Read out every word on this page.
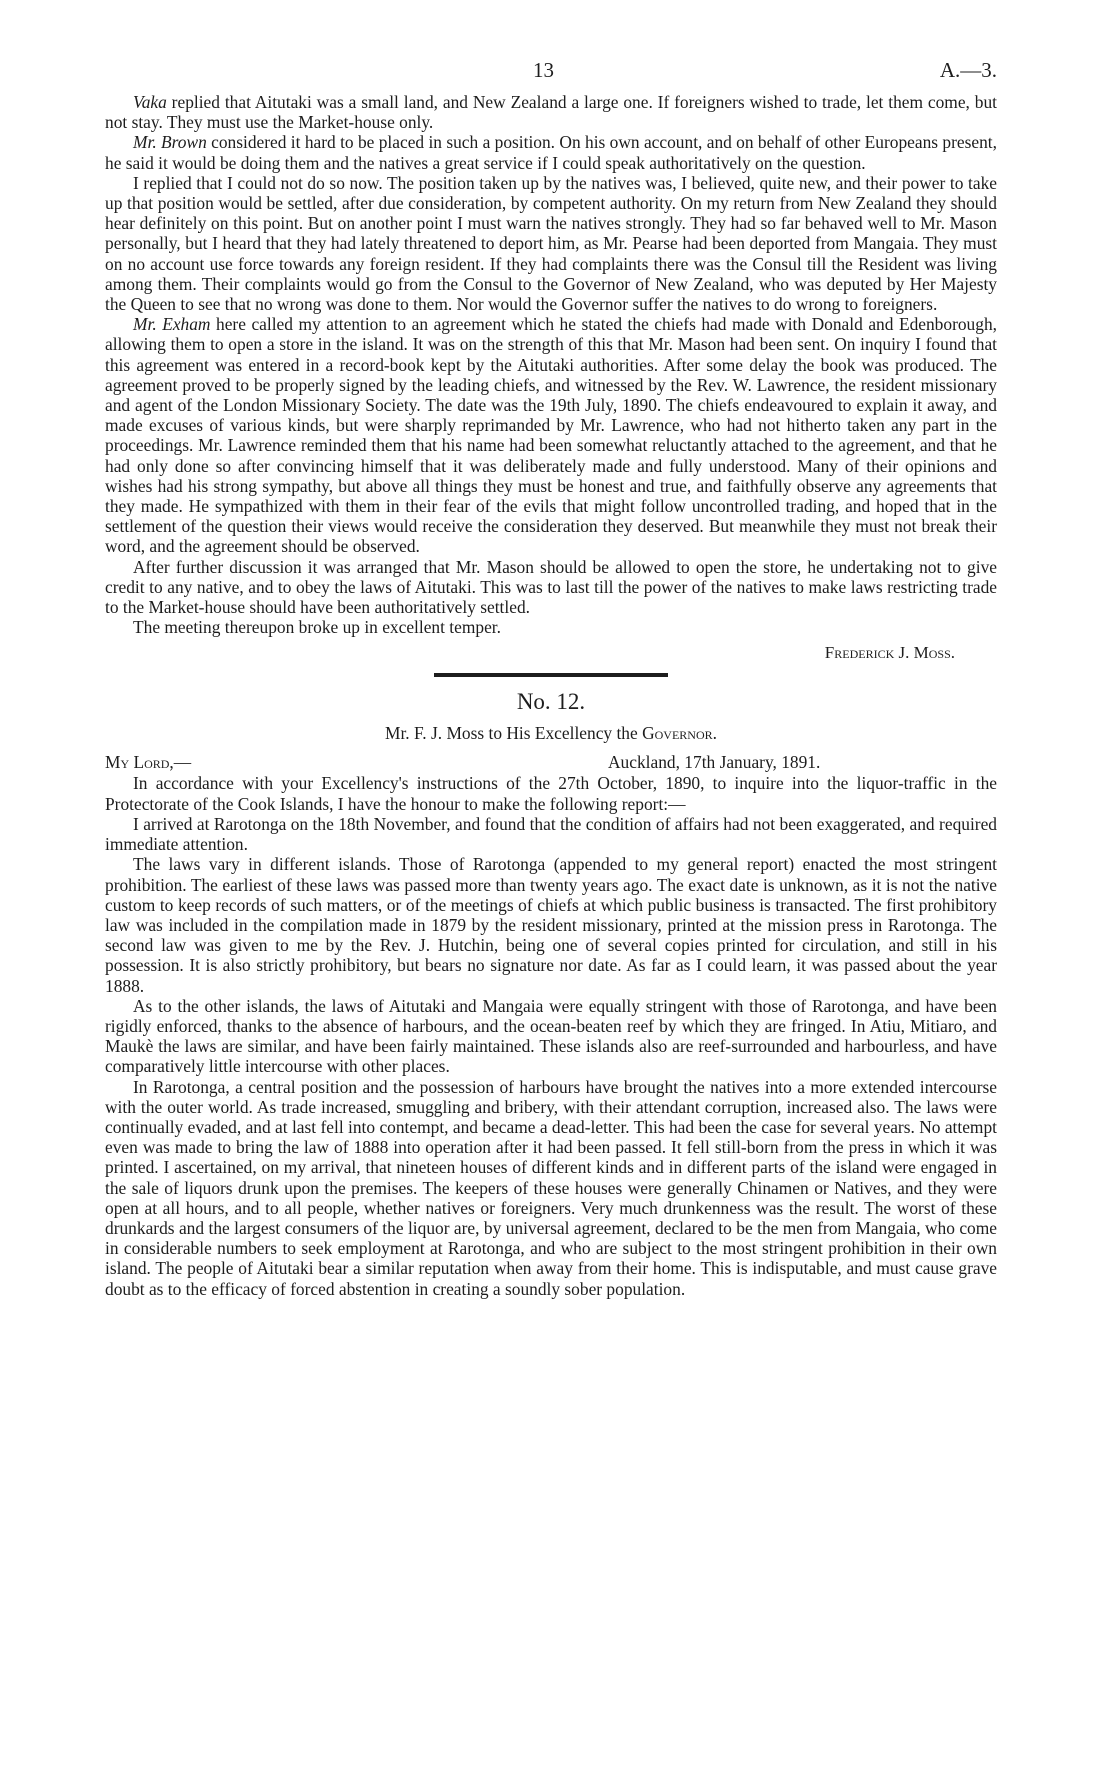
13	A.—3.

Vaka replied that Aitutaki was a small land, and New Zealand a large one. If foreigners wished to trade, let them come, but not stay. They must use the Market-house only.

Mr. Brown considered it hard to be placed in such a position. On his own account, and on behalf of other Europeans present, he said it would be doing them and the natives a great service if I could speak authoritatively on the question.

I replied that I could not do so now. The position taken up by the natives was, I believed, quite new, and their power to take up that position would be settled, after due consideration, by competent authority. On my return from New Zealand they should hear definitely on this point. But on another point I must warn the natives strongly. They had so far behaved well to Mr. Mason personally, but I heard that they had lately threatened to deport him, as Mr. Pearse had been deported from Mangaia. They must on no account use force towards any foreign resident. If they had complaints there was the Consul till the Resident was living among them. Their complaints would go from the Consul to the Governor of New Zealand, who was deputed by Her Majesty the Queen to see that no wrong was done to them. Nor would the Governor suffer the natives to do wrong to foreigners.

Mr. Exham here called my attention to an agreement which he stated the chiefs had made with Donald and Edenborough, allowing them to open a store in the island. It was on the strength of this that Mr. Mason had been sent. On inquiry I found that this agreement was entered in a record-book kept by the Aitutaki authorities. After some delay the book was produced. The agreement proved to be properly signed by the leading chiefs, and witnessed by the Rev. W. Lawrence, the resident missionary and agent of the London Missionary Society. The date was the 19th July, 1890. The chiefs endeavoured to explain it away, and made excuses of various kinds, but were sharply reprimanded by Mr. Lawrence, who had not hitherto taken any part in the proceedings. Mr. Lawrence reminded them that his name had been somewhat reluctantly attached to the agreement, and that he had only done so after convincing himself that it was deliberately made and fully understood. Many of their opinions and wishes had his strong sympathy, but above all things they must be honest and true, and faithfully observe any agreements that they made. He sympathized with them in their fear of the evils that might follow uncontrolled trading, and hoped that in the settlement of the question their views would receive the consideration they deserved. But meanwhile they must not break their word, and the agreement should be observed.

After further discussion it was arranged that Mr. Mason should be allowed to open the store, he undertaking not to give credit to any native, and to obey the laws of Aitutaki. This was to last till the power of the natives to make laws restricting trade to the Market-house should have been authoritatively settled.

The meeting thereupon broke up in excellent temper.

Frederick J. Moss.
No. 12.
Mr. F. J. Moss to His Excellency the Governor.
My Lord,—	Auckland, 17th January, 1891.

In accordance with your Excellency's instructions of the 27th October, 1890, to inquire into the liquor-traffic in the Protectorate of the Cook Islands, I have the honour to make the following report:—

I arrived at Rarotonga on the 18th November, and found that the condition of affairs had not been exaggerated, and required immediate attention.

The laws vary in different islands. Those of Rarotonga (appended to my general report) enacted the most stringent prohibition. The earliest of these laws was passed more than twenty years ago. The exact date is unknown, as it is not the native custom to keep records of such matters, or of the meetings of chiefs at which public business is transacted. The first prohibitory law was included in the compilation made in 1879 by the resident missionary, printed at the mission press in Rarotonga. The second law was given to me by the Rev. J. Hutchin, being one of several copies printed for circulation, and still in his possession. It is also strictly prohibitory, but bears no signature nor date. As far as I could learn, it was passed about the year 1888.

As to the other islands, the laws of Aitutaki and Mangaia were equally stringent with those of Rarotonga, and have been rigidly enforced, thanks to the absence of harbours, and the ocean-beaten reef by which they are fringed. In Atiu, Mitiaro, and Maukè the laws are similar, and have been fairly maintained. These islands also are reef-surrounded and harbourless, and have comparatively little intercourse with other places.

In Rarotonga, a central position and the possession of harbours have brought the natives into a more extended intercourse with the outer world. As trade increased, smuggling and bribery, with their attendant corruption, increased also. The laws were continually evaded, and at last fell into contempt, and became a dead-letter. This had been the case for several years. No attempt even was made to bring the law of 1888 into operation after it had been passed. It fell still-born from the press in which it was printed. I ascertained, on my arrival, that nineteen houses of different kinds and in different parts of the island were engaged in the sale of liquors drunk upon the premises. The keepers of these houses were generally Chinamen or Natives, and they were open at all hours, and to all people, whether natives or foreigners. Very much drunkenness was the result. The worst of these drunkards and the largest consumers of the liquor are, by universal agreement, declared to be the men from Mangaia, who come in considerable numbers to seek employment at Rarotonga, and who are subject to the most stringent prohibition in their own island. The people of Aitutaki bear a similar reputation when away from their home. This is indisputable, and must cause grave doubt as to the efficacy of forced abstention in creating a soundly sober population.
